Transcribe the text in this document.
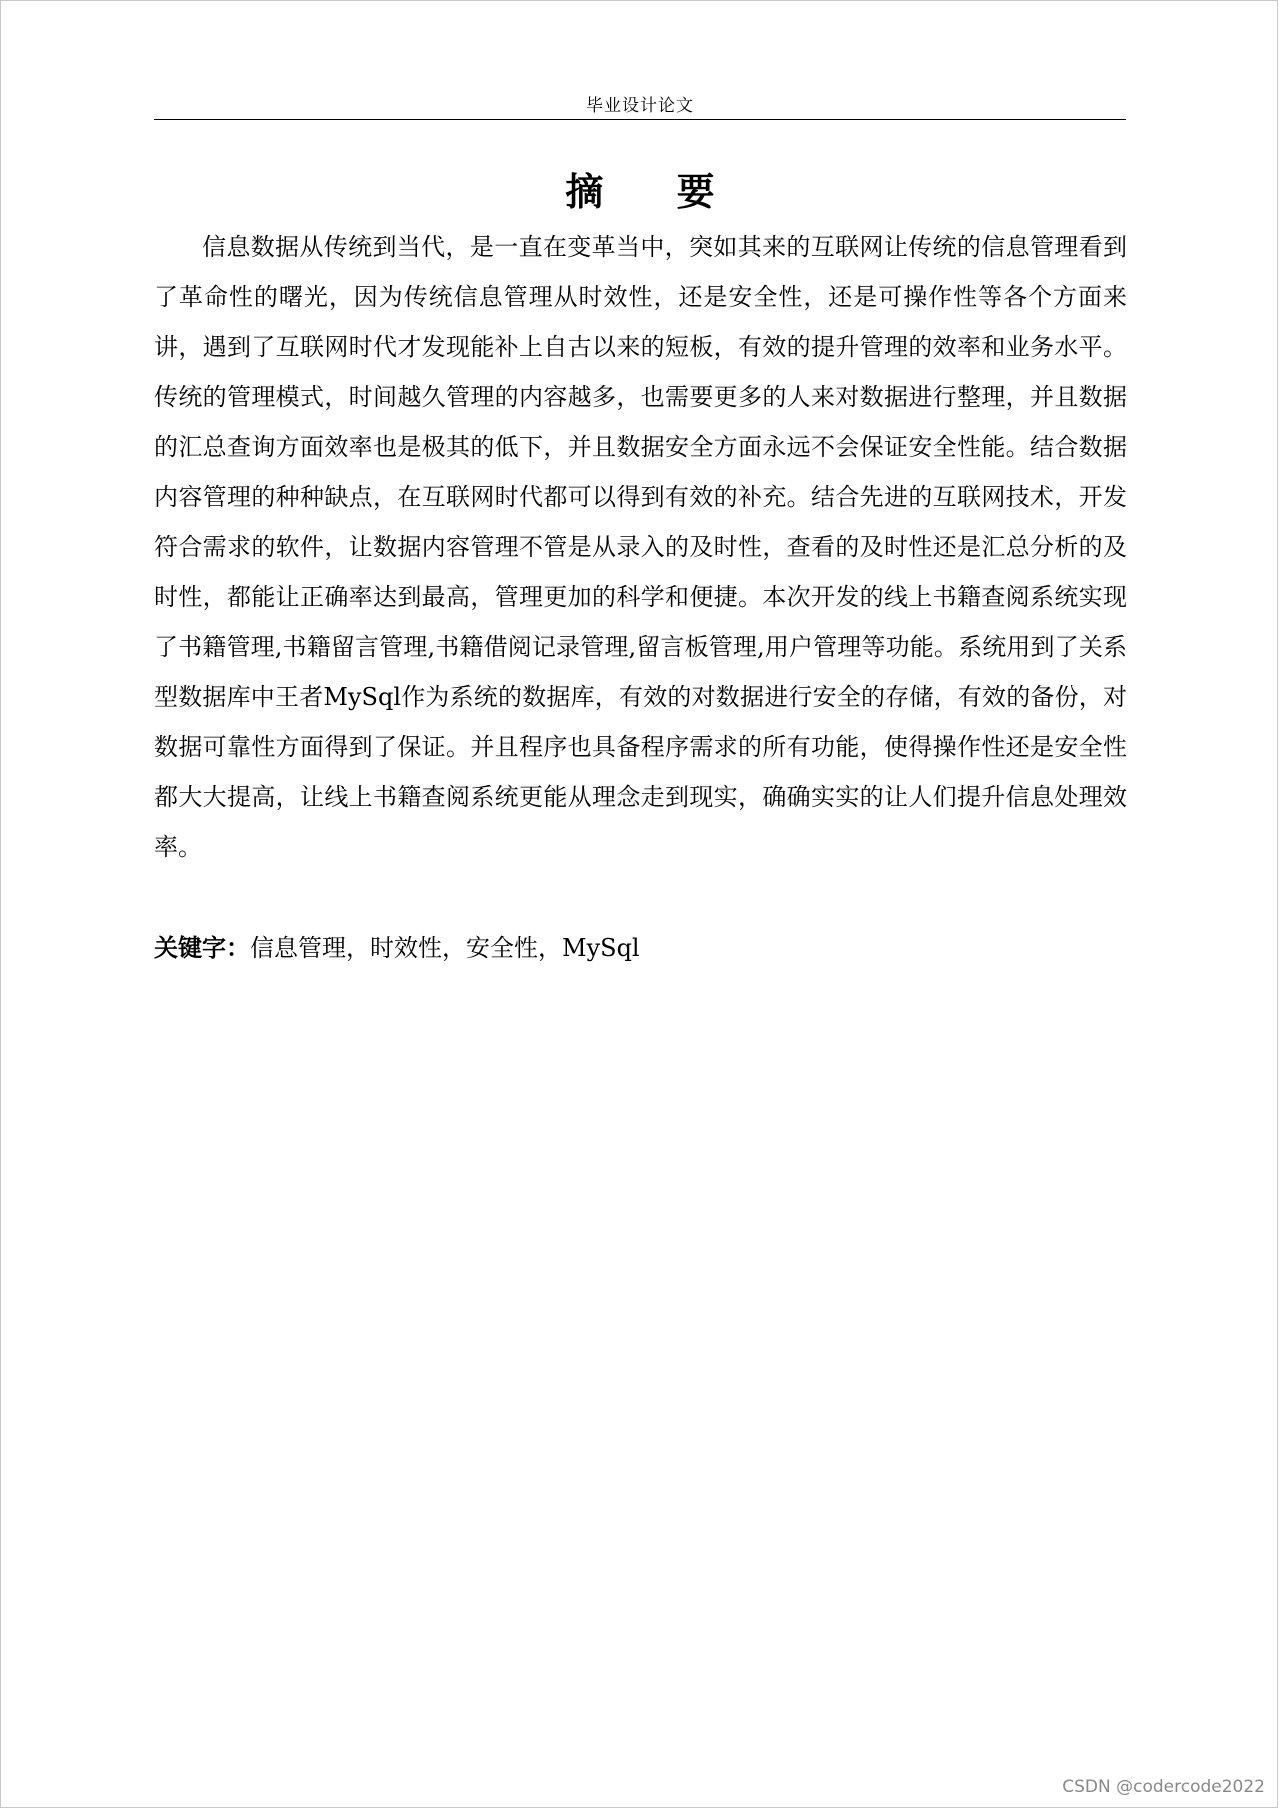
毕业设计论文
摘 要

信息数据从传统到当代，是一直在变革当中，突如其来的互联网让传统的信息管理看到了革命性的曙光，因为传统信息管理从时效性，还是安全性，还是可操作性等各个方面来讲，遇到了互联网时代才发现能补上自古以来的短板，有效的提升管理的效率和业务水平。传统的管理模式，时间越久管理的内容越多，也需要更多的人来对数据进行整理，并且数据的汇总查询方面效率也是极其的低下，并且数据安全方面永远不会保证安全性能。结合数据内容管理的种种缺点，在互联网时代都可以得到有效的补充。结合先进的互联网技术，开发符合需求的软件，让数据内容管理不管是从录入的及时性，查看的及时性还是汇总分析的及时性，都能让正确率达到最高，管理更加的科学和便捷。本次开发的线上书籍查阅系统实现了书籍管理,书籍留言管理,书籍借阅记录管理,留言板管理,用户管理等功能。系统用到了关系型数据库中王者MySql作为系统的数据库，有效的对数据进行安全的存储，有效的备份，对数据可靠性方面得到了保证。并且程序也具备程序需求的所有功能，使得操作性还是安全性都大大提高，让线上书籍查阅系统更能从理念走到现实，确确实实的让人们提升信息处理效率。

关键字：信息管理，时效性，安全性，MySql

CSDN @codercode2022
